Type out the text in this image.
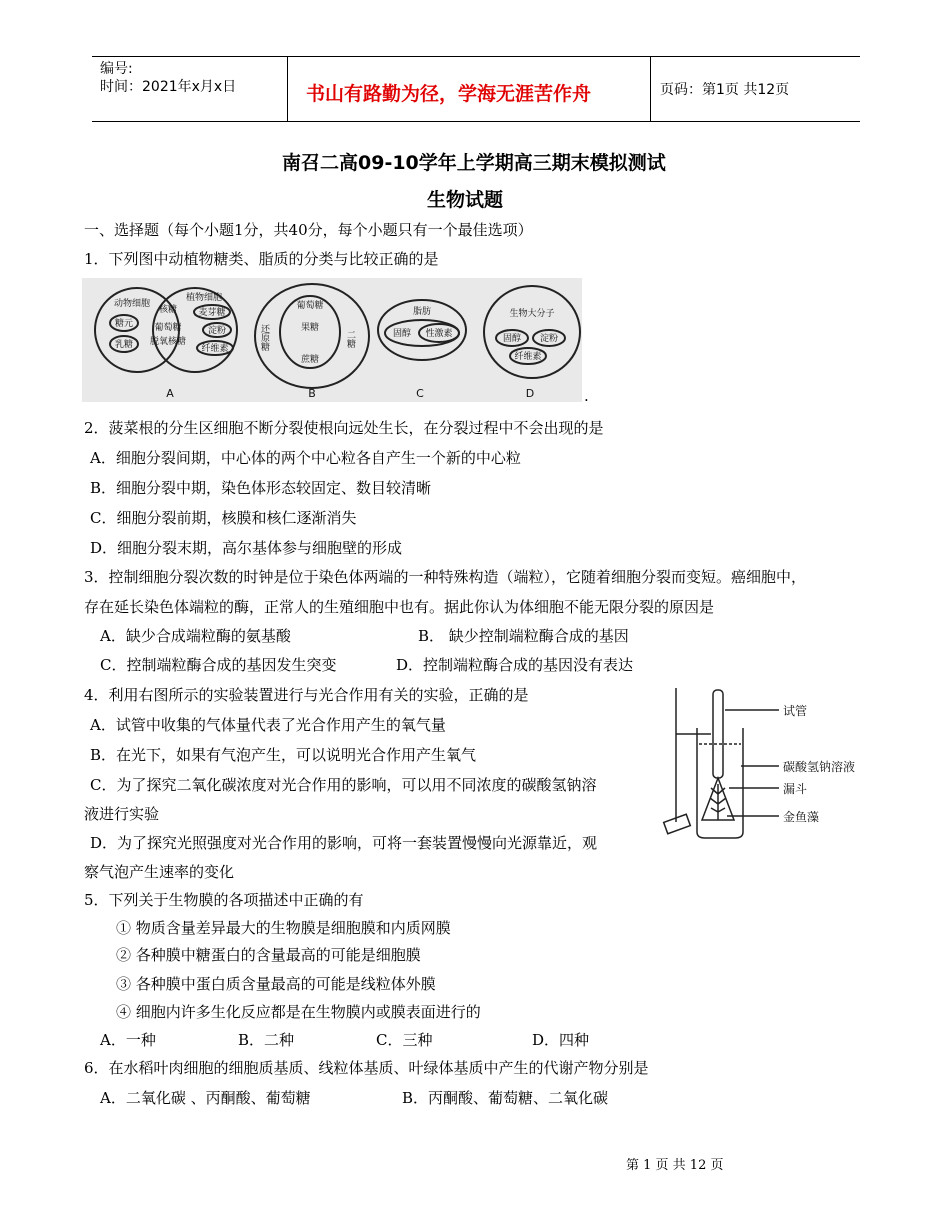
编号:
时间：2021年x月x日	书山有路勤为径，学海无涯苦作舟	页码：第1页 共12页
南召二高09-10学年上学期高三期末模拟测试
生物试题
一、选择题（每个小题1分，共40分，每个小题只有一个最佳选项）
1．下列图中动植物糖类、脂质的分类与比较正确的是
动物细胞
核糖
植物细胞
葡萄糖
脱氧核糖
糖元
乳糖
麦芽糖
淀粉
纤维素
葡萄糖
果糖
蔗糖
脂肪
固醇 性激素
生物大分子
固醇 淀粉
纤维素
A	B	C	D
还原糖	二糖
.
2．菠菜根的分生区细胞不断分裂使根向远处生长，在分裂过程中不会出现的是
A．细胞分裂间期，中心体的两个中心粒各自产生一个新的中心粒
B．细胞分裂中期，染色体形态较固定、数目较清晰
C．细胞分裂前期，核膜和核仁逐渐消失
D．细胞分裂末期，高尔基体参与细胞壁的形成
3．控制细胞分裂次数的时钟是位于染色体两端的一种特殊构造（端粒），它随着细胞分裂而变短。癌细胞中，
存在延长染色体端粒的酶，正常人的生殖细胞中也有。据此你认为体细胞不能无限分裂的原因是
A．缺少合成端粒酶的氨基酸	B． 缺少控制端粒酶合成的基因
C．控制端粒酶合成的基因发生突变	D．控制端粒酶合成的基因没有表达
4．利用右图所示的实验装置进行与光合作用有关的实验，正确的是
A．试管中收集的气体量代表了光合作用产生的氧气量
B．在光下，如果有气泡产生，可以说明光合作用产生氧气
C．为了探究二氧化碳浓度对光合作用的影响，可以用不同浓度的碳酸氢钠溶
液进行实验
D．为了探究光照强度对光合作用的影响，可将一套装置慢慢向光源靠近，观
察气泡产生速率的变化
试管
碳酸氢钠溶液
漏斗
金鱼藻
5．下列关于生物膜的各项描述中正确的有
① 物质含量差异最大的生物膜是细胞膜和内质网膜
② 各种膜中糖蛋白的含量最高的可能是细胞膜
③ 各种膜中蛋白质含量最高的可能是线粒体外膜
④ 细胞内许多生化反应都是在生物膜内或膜表面进行的
A．一种	B．二种	C．三种	D．四种
6．在水稻叶肉细胞的细胞质基质、线粒体基质、叶绿体基质中产生的代谢产物分别是
A．二氧化碳 、丙酮酸、葡萄糖	B．丙酮酸、葡萄糖、二氧化碳
第 1 页 共 12 页
